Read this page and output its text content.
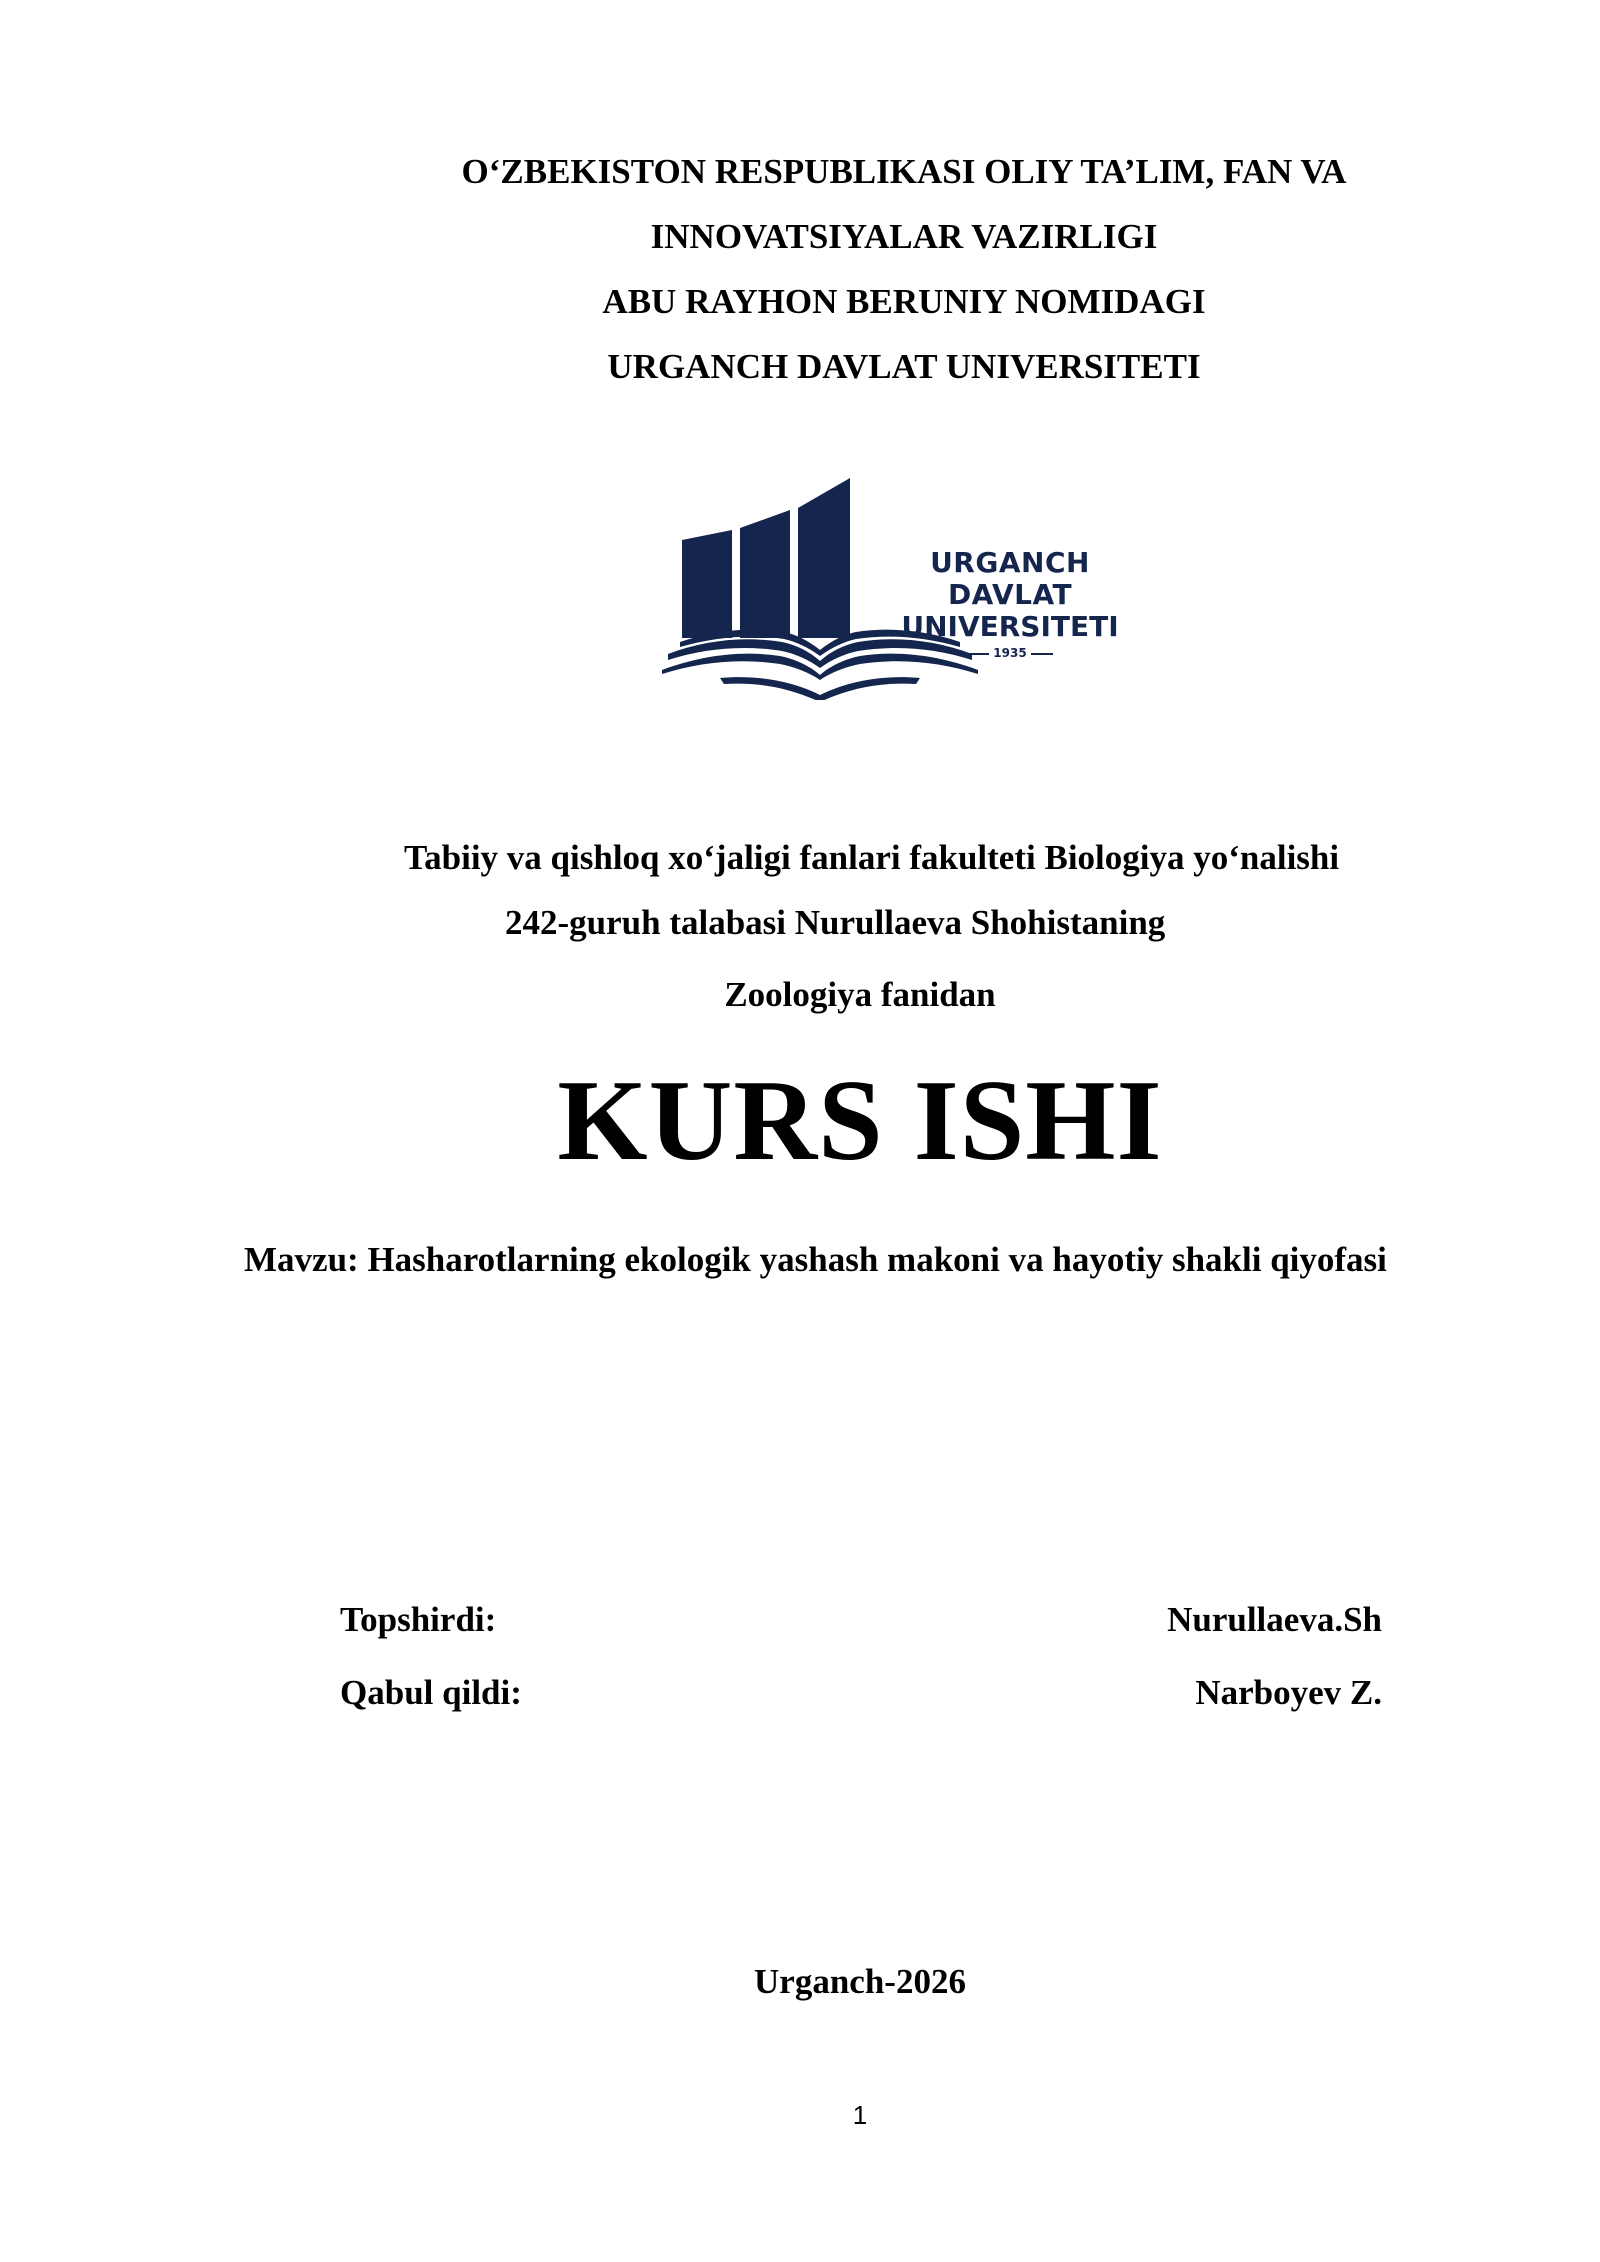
O‘ZBEKISTON RESPUBLIKASI OLIY TA’LIM, FAN VA
INNOVATSIYALAR VAZIRLIGI
ABU RAYHON BERUNIY NOMIDAGI
URGANCH DAVLAT UNIVERSITETI
URGANCH DAVLAT
UNIVERSITETI
1935
Tabiiy va qishloq xo‘jaligi fanlari fakulteti Biologiya yo‘nalishi
242-guruh talabasi Nurullaeva Shohistaning
Zoologiya fanidan
KURS ISHI
Mavzu: Hasharotlarning ekologik yashash makoni va hayotiy shakli qiyofasi
Topshirdi:	Nurullaeva.Sh
Qabul qildi:	Narboyev Z.
Urganch-2026
1
